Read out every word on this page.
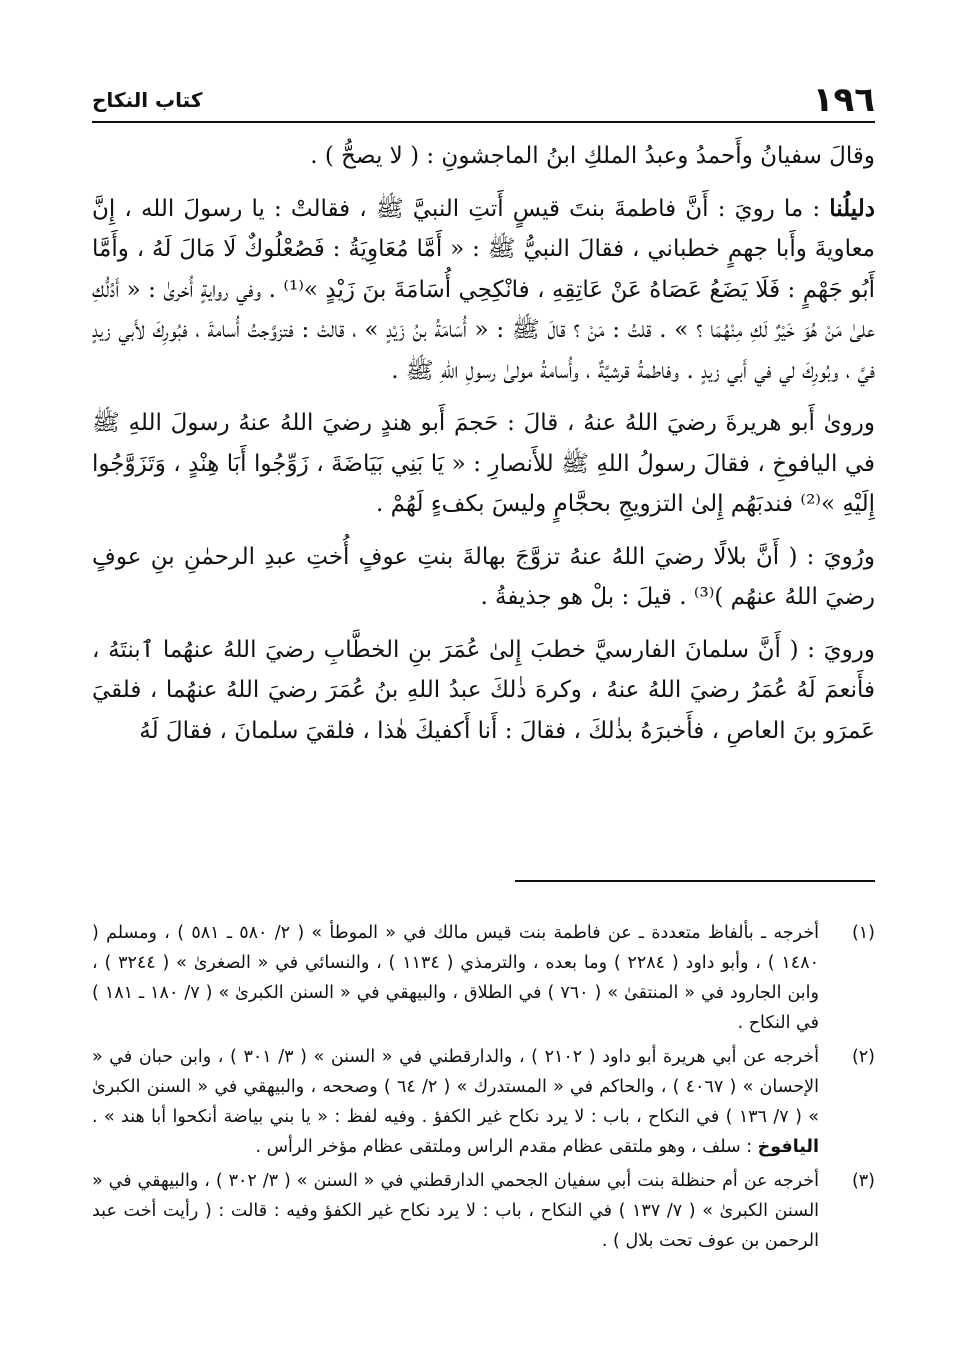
١٩٦
كتاب النكاح

وقالَ سفيانُ وأَحمدُ وعبدُ الملكِ ابنُ الماجشونِ : ( لا يصحُّ ) .

دليلُنا : ما رويَ : أَنَّ فاطمةَ بنتَ قيسٍ أَتتِ النبيَّ ﷺ ، فقالتْ : يا رسولَ الله ، إِنَّ معاويةَ وأَبا جهمٍ خطباني ، فقالَ النبيُّ ﷺ : « أَمَّا مُعَاوِيَةُ : فَصُعْلُوكٌ لَا مَالَ لَهُ ، وأَمَّا أَبُو جَهْمٍ : فَلَا يَضَعُ عَصَاهُ عَنْ عَاتِقِهِ ، فانْكِحِي أُسَامَةَ بنَ زَيْدٍ »⁽¹⁾ . وفي روايةٍ أُخرىٰ : « أَدُلُّكِ علىٰ مَنْ هُوَ خَيْرٌ لَكِ مِنْهُمَا ؟ » . قلتُ : مَنْ ؟ قالَ ﷺ : « أُسَامَةُ بنُ زَيْدٍ » ، قالتْ : فتزوَّجتُ أُسامةَ ، فبُورِكَ لأَبي زيدٍ فيَّ ، وبُورِكَ لي في أَبي زيدٍ . وفاطمةُ قرشيَّةٌ ، وأُسامةُ مولىٰ رسولِ اللهِ ﷺ .

وروىٰ أَبو هريرةَ رضيَ اللهُ عنهُ ، قالَ : حَجمَ أَبو هندٍ رضيَ اللهُ عنهُ رسولَ اللهِ ﷺ في اليافوخِ ، فقالَ رسولُ اللهِ ﷺ للأَنصارِ : « يَا بَنِي بَيَاضَةَ ، زَوِّجُوا أَبَا هِنْدٍ ، وَتَزَوَّجُوا إِلَيْهِ »⁽²⁾ فندبَهُم إِلىٰ التزويجِ بحجَّامٍ وليسَ بكفءٍ لَهُمْ .

ورُويَ : ( أَنَّ بلالًا رضيَ اللهُ عنهُ تزوَّجَ بهالةَ بنتِ عوفٍ أُختِ عبدِ الرحمٰنِ بنِ عوفٍ رضيَ اللهُ عنهُم )⁽³⁾ . قيلَ : بلْ هو جذيفةُ .

ورويَ : ( أَنَّ سلمانَ الفارسيَّ خطبَ إِلىٰ عُمَرَ بنِ الخطَّابِ رضيَ اللهُ عنهُما ٱبنتَهُ ، فأَنعمَ لَهُ عُمَرُ رضيَ اللهُ عنهُ ، وكرهَ ذٰلكَ عبدُ اللهِ بنُ عُمَرَ رضيَ اللهُ عنهُما ، فلقيَ عَمرَو بنَ العاصِ ، فأَخبرَهُ بذٰلكَ ، فقالَ : أَنا أَكفيكَ هٰذا ، فلقيَ سلمانَ ، فقالَ لَهُ

( ١ )
أخرجه ـ بألفاظ متعددة ـ عن فاطمة بنت قيس مالك في « الموطأ » ( ٢/ ٥٨٠ ـ ٥٨١ ) ، ومسلم ( ١٤٨٠ ) ، وأبو داود ( ٢٢٨٤ ) وما بعده ، والترمذي ( ١١٣٤ ) ، والنسائي في « الصغرىٰ » ( ٣٢٤٤ ) ، وابن الجارود في « المنتقىٰ » ( ٧٦٠ ) في الطلاق ، والبيهقي في « السنن الكبرىٰ » ( ٧/ ١٨٠ ـ ١٨١ ) في النكاح .
( ٢ )
أخرجه عن أبي هريرة أبو داود ( ٢١٠٢ ) ، والدارقطني في « السنن » ( ٣/ ٣٠١ ) ، وابن حبان في « الإحسان » ( ٤٠٦٧ ) ، والحاكم في « المستدرك » ( ٢/ ٦٤ ) وصححه ، والبيهقي في « السنن الكبرىٰ » ( ٧/ ١٣٦ ) في النكاح ، باب : لا يرد نكاح غير الكفؤ . وفيه لفظ : « يا بني بياضة أنكحوا أبا هند » . اليافوخ : سلف ، وهو ملتقى عظام مقدم الراس وملتقى عظام مؤخر الرأس .
( ٣ )
أخرجه عن أم حنظلة بنت أبي سفيان الجحمي الدارقطني في « السنن » ( ٣/ ٣٠٢ ) ، والبيهقي في « السنن الكبرىٰ » ( ٧/ ١٣٧ ) في النكاح ، باب : لا يرد نكاح غير الكفؤ وفيه : قالت : ( رأيت أخت عبد الرحمن بن عوف تحت بلال ) .
